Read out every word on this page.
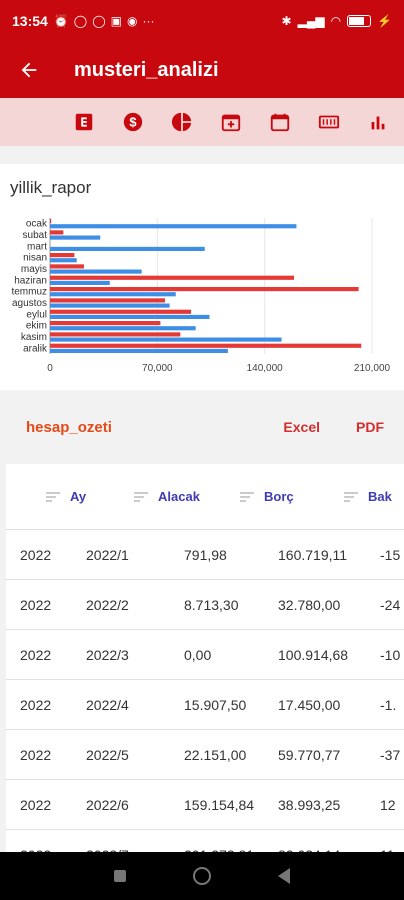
13:54 ⏰ ◯ ◯ ▣ ◉ ···	✱ ▂▄▆ ◠	⚡
musteri_analizi
$
yillik_rapor
0	70,000	140,000	210,000
ocak
subat
mart
nisan
mayis
haziran
temmuz
agustos
eylul
ekim
kasim
aralik
hesap_ozeti	Excel	PDF
Ay	Alacak	Borç	Bak
2022 2022/1	791,98	160.719,11 -15
2022 2022/2	8.713,30	32.780,00	-24
2022 2022/3	0,00	100.914,68 -10
2022 2022/4	15.907,50 17.450,00	-1.
2022 2022/5	22.151,00 59.770,77	-37
2022 2022/6	159.154,84 38.993,25	12
